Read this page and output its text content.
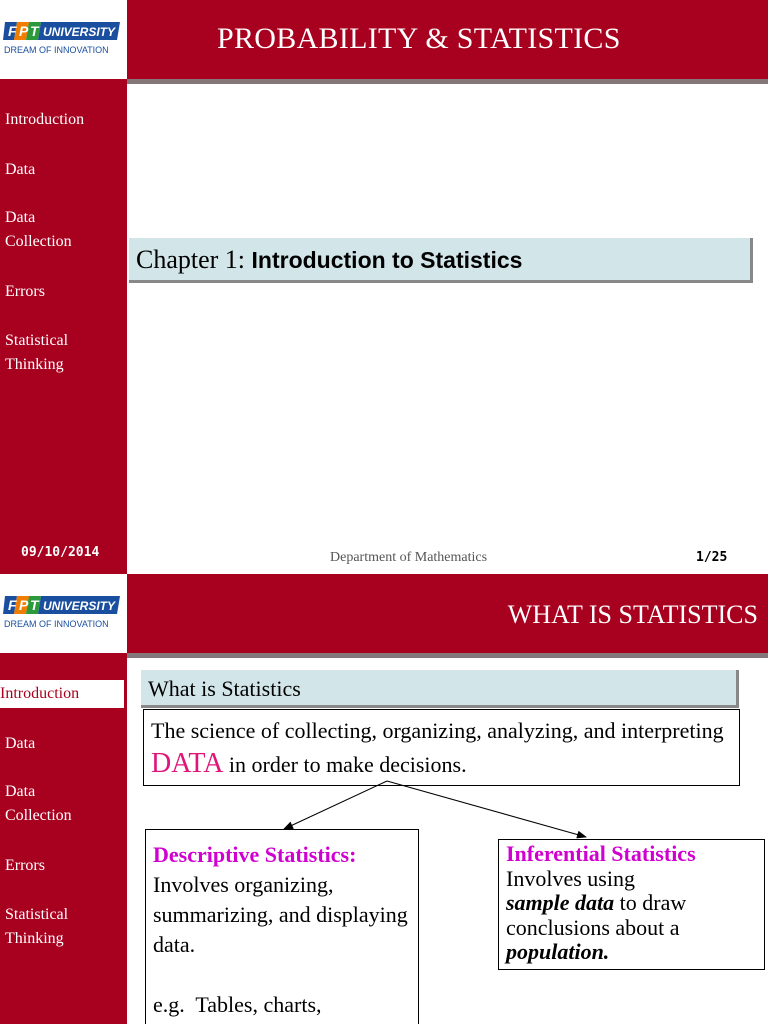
F P T UNIVERSITY
DREAM OF INNOVATION	PROBABILITY & STATISTICS
Introduction
Data
Data
Collection
Errors
Statistical
Thinking
09/10/2014
Chapter 1: Introduction to Statistics
Department of Mathematics	1/25
F P T UNIVERSITY
DREAM OF INNOVATION	WHAT IS STATISTICS
Introduction
Data
Data
Collection
Errors
Statistical
Thinking
What is Statistics
The science of collecting, organizing, analyzing, and interpreting DATA in order to make decisions.
Descriptive Statistics:
Involves organizing, summarizing, and displaying data.
e.g.  Tables, charts,
Inferential Statistics
Involves using
sample data to draw conclusions about a population.
